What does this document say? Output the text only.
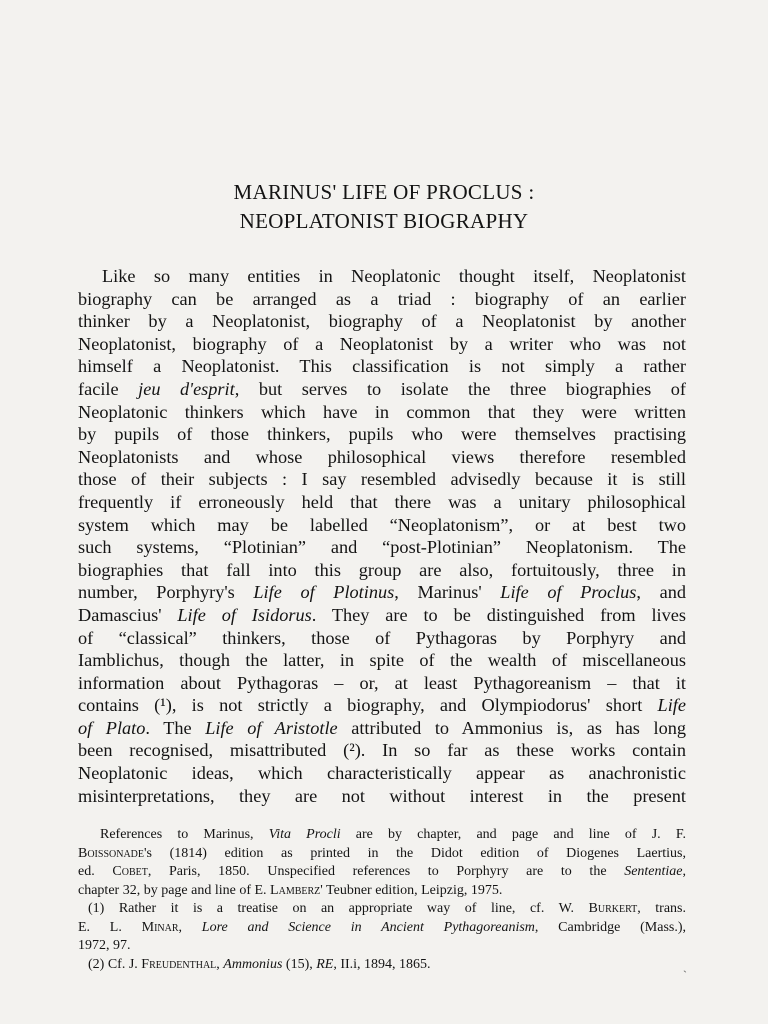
MARINUS' LIFE OF PROCLUS :
NEOPLATONIST BIOGRAPHY
Like so many entities in Neoplatonic thought itself, Neoplatonist
biography can be arranged as a triad : biography of an earlier
thinker by a Neoplatonist, biography of a Neoplatonist by another
Neoplatonist, biography of a Neoplatonist by a writer who was not
himself a Neoplatonist. This classification is not simply a rather
facile jeu d'esprit, but serves to isolate the three biographies of
Neoplatonic thinkers which have in common that they were written
by pupils of those thinkers, pupils who were themselves practising
Neoplatonists and whose philosophical views therefore resembled
those of their subjects : I say resembled advisedly because it is still
frequently if erroneously held that there was a unitary philosophical
system which may be labelled “Neoplatonism”, or at best two
such systems, “Plotinian” and “post-Plotinian” Neoplatonism. The
biographies that fall into this group are also, fortuitously, three in
number, Porphyry's Life of Plotinus, Marinus' Life of Proclus, and
Damascius' Life of Isidorus. They are to be distinguished from lives
of “classical” thinkers, those of Pythagoras by Porphyry and
Iamblichus, though the latter, in spite of the wealth of miscellaneous
information about Pythagoras – or, at least Pythagoreanism – that it
contains (¹), is not strictly a biography, and Olympiodorus' short Life
of Plato. The Life of Aristotle attributed to Ammonius is, as has long
been recognised, misattributed (²). In so far as these works contain
Neoplatonic ideas, which characteristically appear as anachronistic
misinterpretations, they are not without interest in the present
References to Marinus, Vita Procli are by chapter, and page and line of J. F.
Boissonade's (1814) edition as printed in the Didot edition of Diogenes Laertius,
ed. Cobet, Paris, 1850. Unspecified references to Porphyry are to the Sententiae,
chapter 32, by page and line of E. Lamberz' Teubner edition, Leipzig, 1975.
(1) Rather it is a treatise on an appropriate way of line, cf. W. Burkert, trans.
E. L. Minar, Lore and Science in Ancient Pythagoreanism, Cambridge (Mass.),
1972, 97.
(2) Cf. J. Freudenthal, Ammonius (15), RE, II.i, 1894, 1865.
`
